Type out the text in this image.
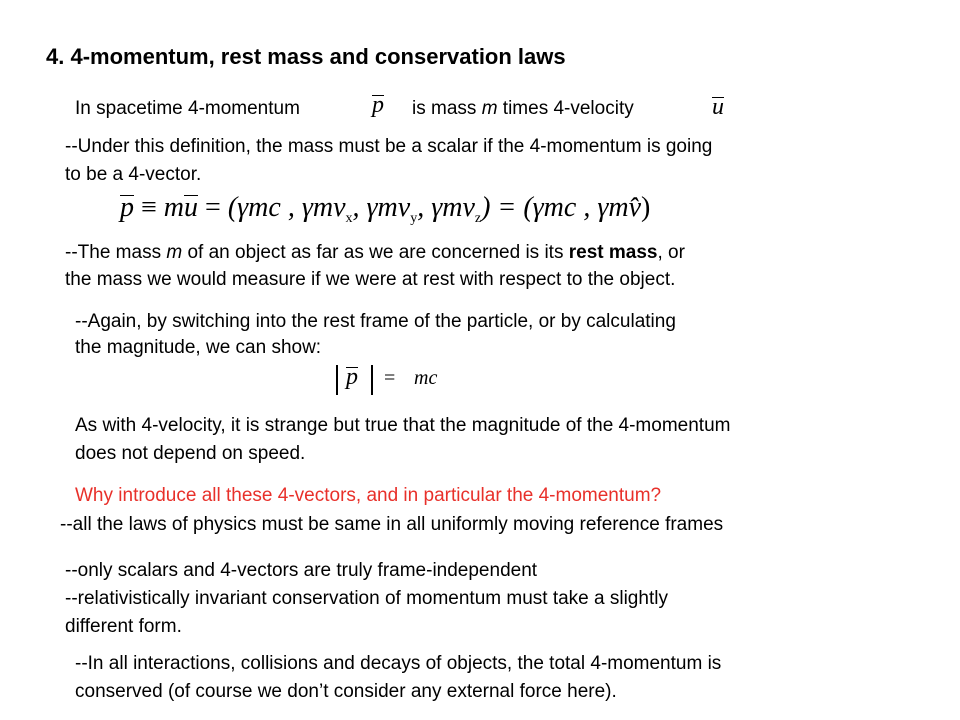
4. 4-momentum, rest mass and conservation laws
In spacetime 4-momentum	p is mass m times 4-velocity	u
--Under this definition, the mass must be a scalar if the 4-momentum is going
to be a 4-vector.
p ≡ mu = (γmc , γmv$_x$, γmv$_y$, γmv$_z$) = (γmc , γmv̂)
--The mass m of an object as far as we are concerned is its rest mass, or
the mass we would measure if we were at rest with respect to the object.
--Again, by switching into the rest frame of the particle, or by calculating
the magnitude, we can show:
p = mc
As with 4-velocity, it is strange but true that the magnitude of the 4-momentum
does not depend on speed.
Why introduce all these 4-vectors, and in particular the 4-momentum?
--all the laws of physics must be same in all uniformly moving reference frames
--only scalars and 4-vectors are truly frame-independent
--relativistically invariant conservation of momentum must take a slightly
different form.
--In all interactions, collisions and decays of objects, the total 4-momentum is
conserved (of course we don’t consider any external force here).
